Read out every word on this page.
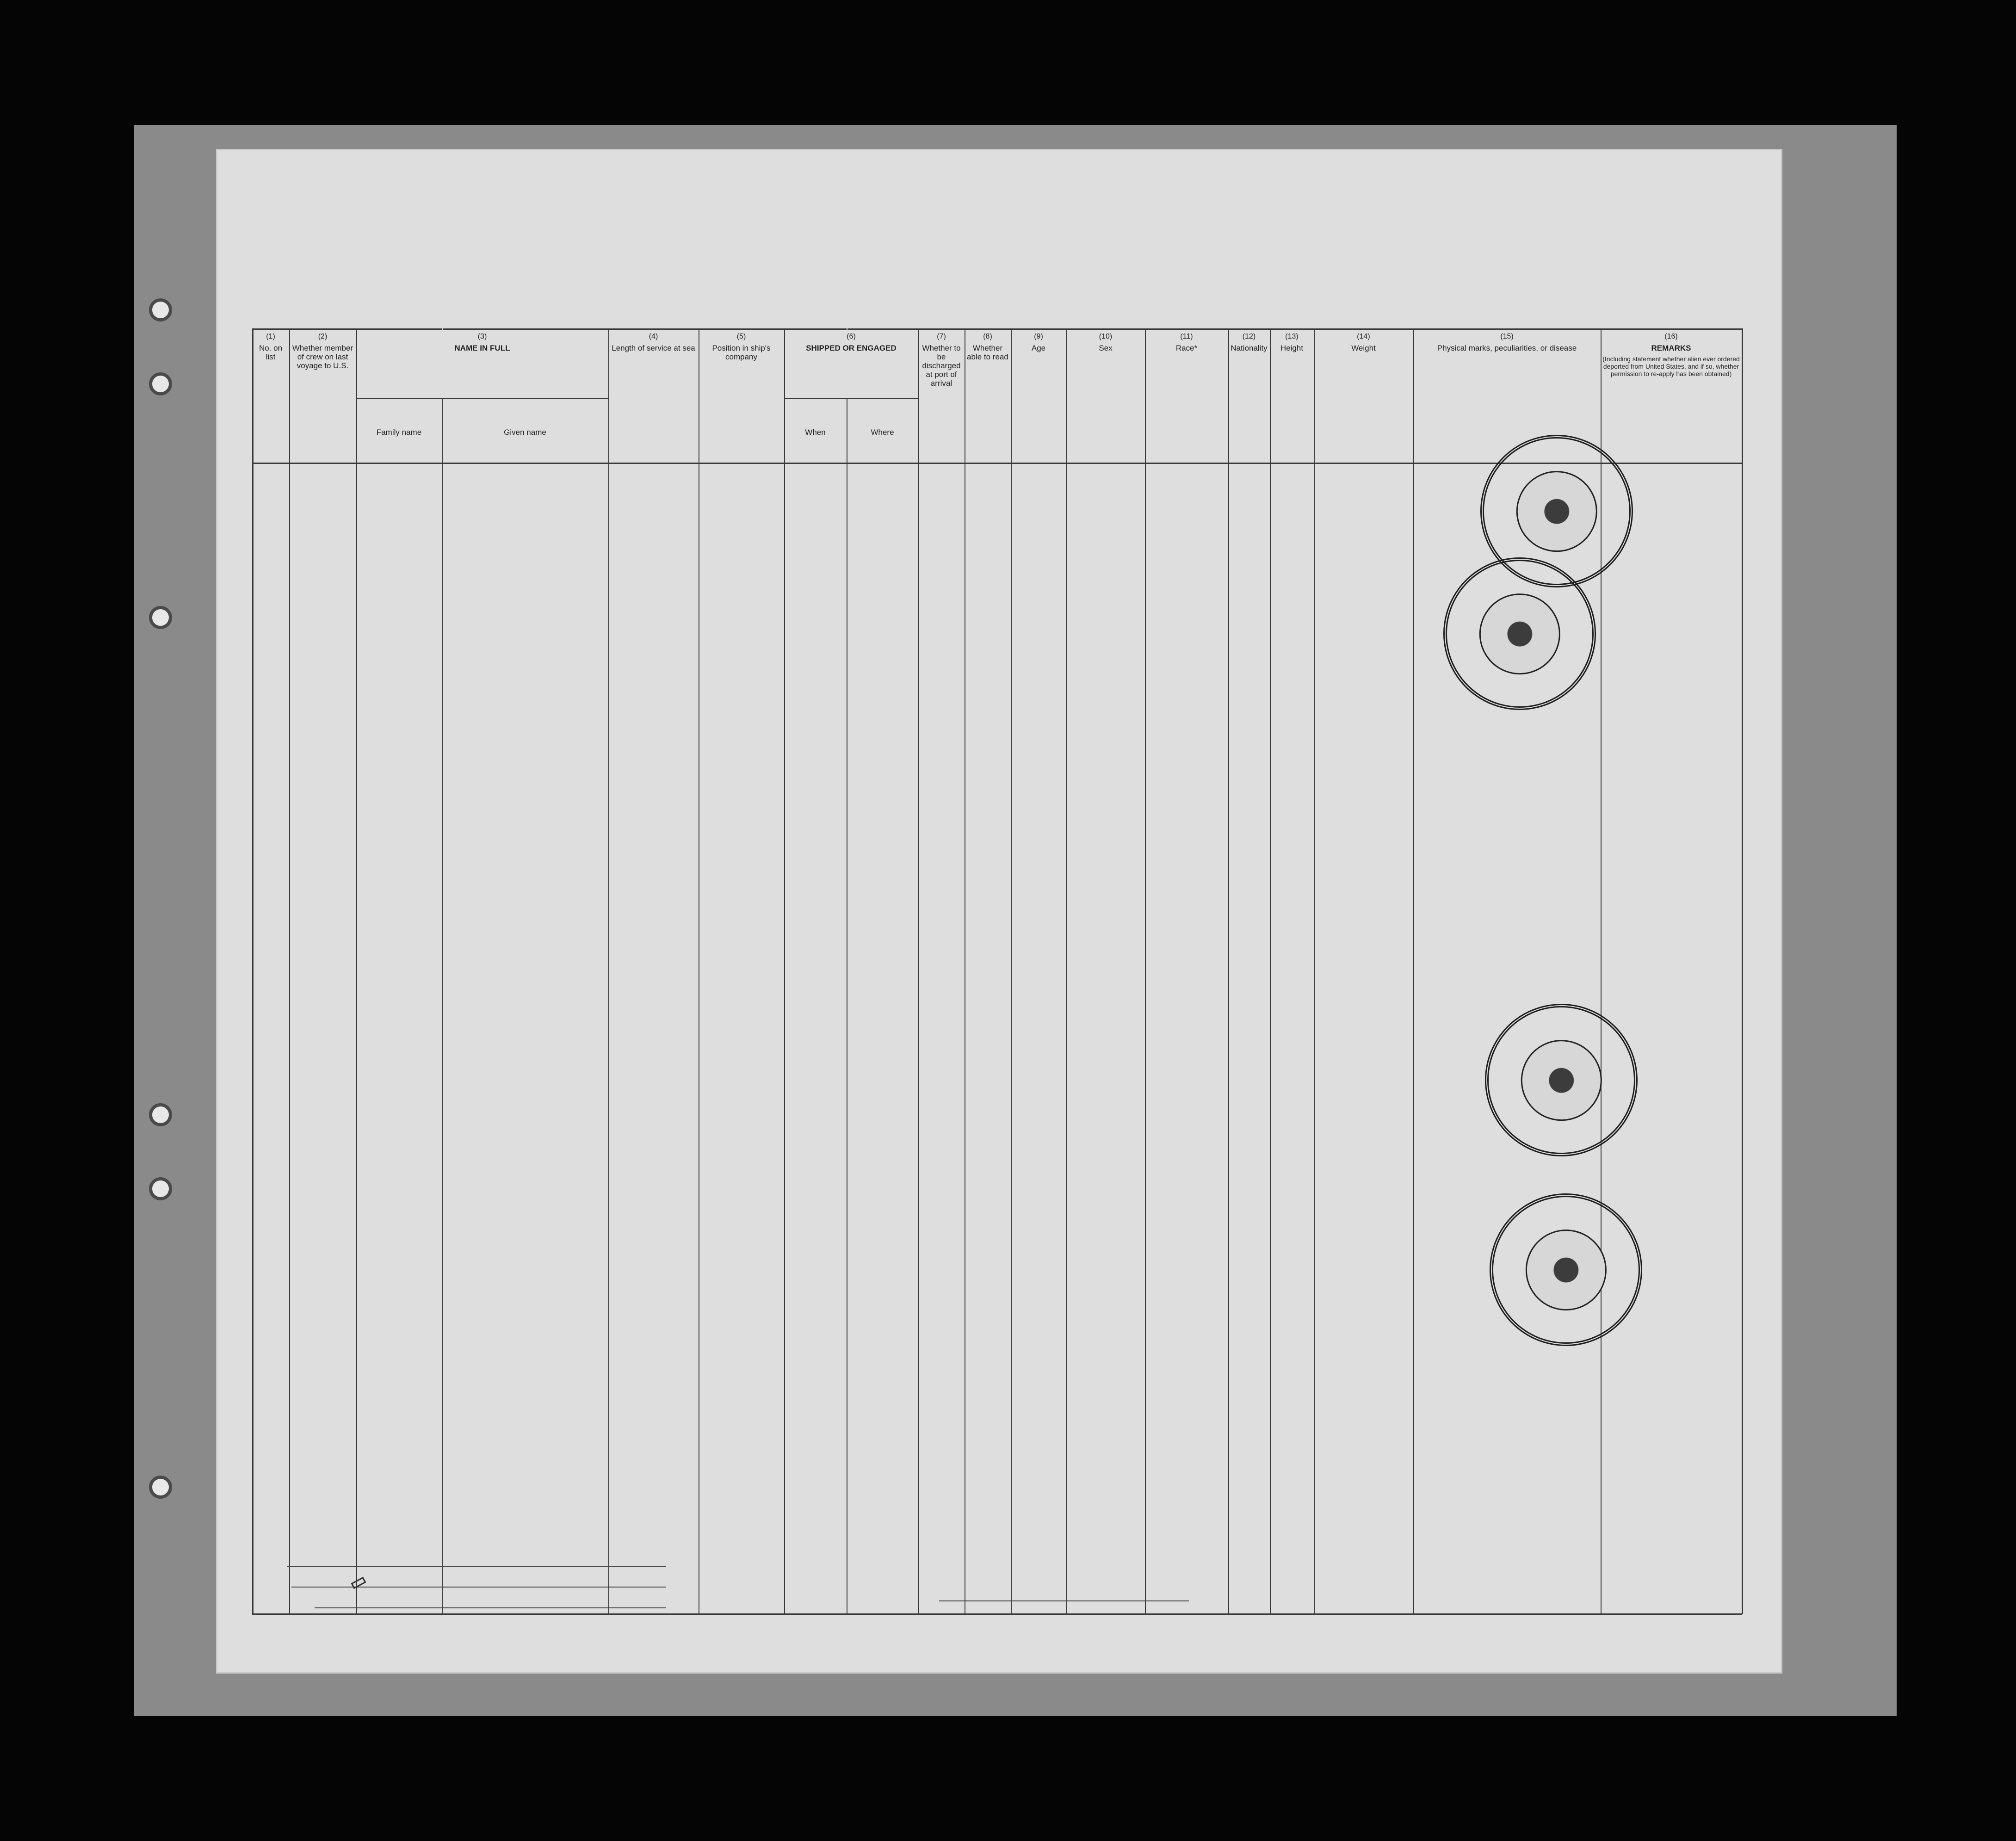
(1)
No. on list
(2)
Whether member of crew on last voyage to U.S.
(3)
NAME IN FULL
Family name	Given name
(4)
Length of service at sea
(5)
Position in ship's company
(6)
SHIPPED OR ENGAGED
When	Where
(7)
Whether to be discharged at port of arrival
(8)
Whether able to read
(9)
Age
(10)
Sex
(11)
Race*
(12)
Nationality
(13)
Height
(14)
Weight
(15)
Physical marks, peculiarities, or disease
(16)
REMARKS
(Including statement whether alien ever ordered deported from United States, and if so, whether permission to re-apply has been obtained)
